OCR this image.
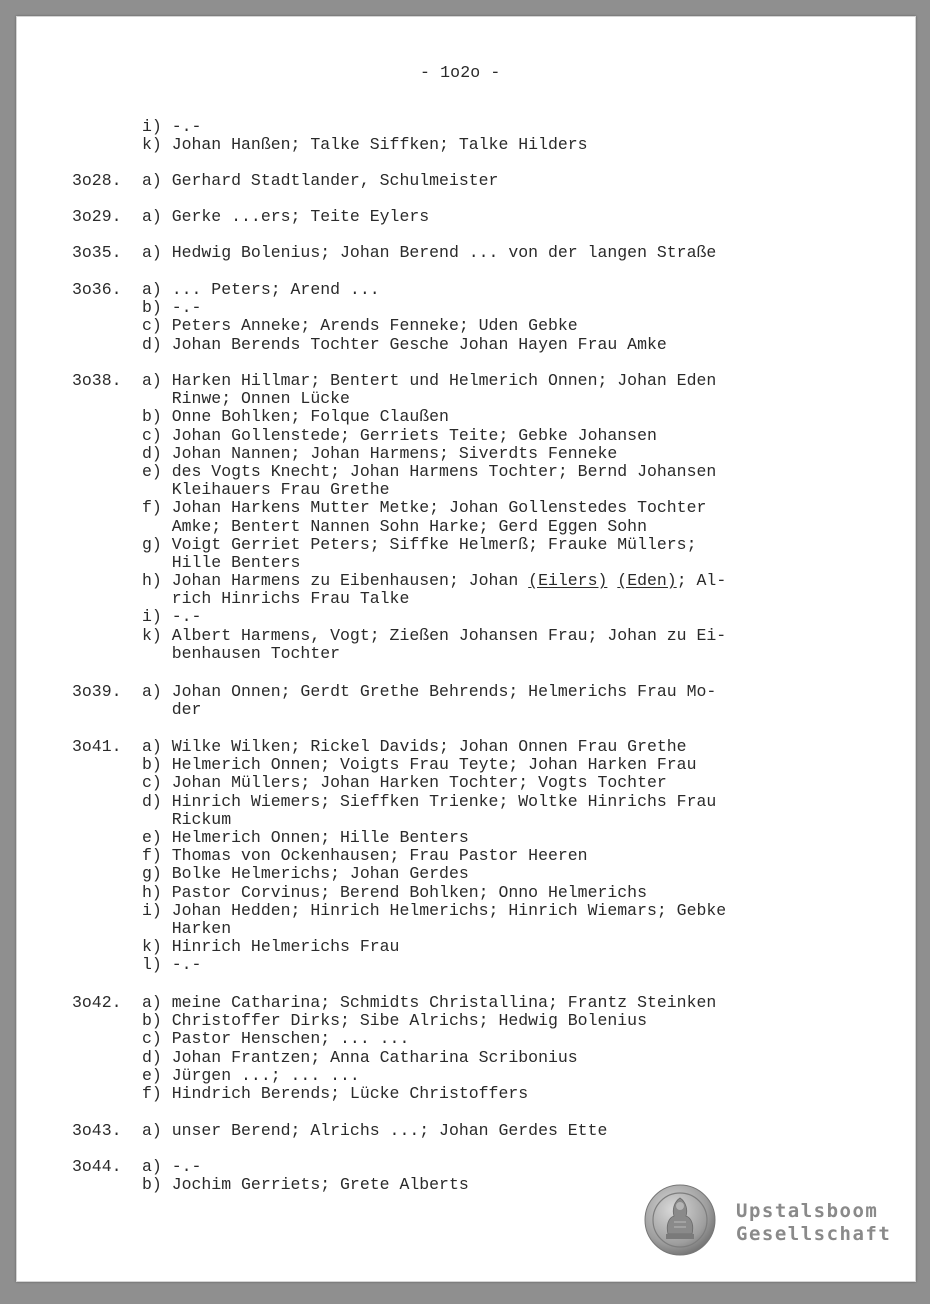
- 1o2o -
i) -.-
k) Johan Hanßen; Talke Siffken; Talke Hilders
3o28.	a) Gerhard Stadtlander, Schulmeister
3o29.	a) Gerke ...ers; Teite Eylers
3o35.	a) Hedwig Bolenius; Johan Berend ... von der langen Straße
3o36.	a) ... Peters; Arend ...
b) -.-
c) Peters Anneke; Arends Fenneke; Uden Gebke
d) Johan Berends Tochter Gesche Johan Hayen Frau Amke
3o38.	a) Harken Hillmar; Bentert und Helmerich Onnen; Johan Eden
Rinwe; Onnen Lücke
b) Onne Bohlken; Folque Claußen
c) Johan Gollenstede; Gerriets Teite; Gebke Johansen
d) Johan Nannen; Johan Harmens; Siverdts Fenneke
e) des Vogts Knecht; Johan Harmens Tochter; Bernd Johansen
Kleihauers Frau Grethe
f) Johan Harkens Mutter Metke; Johan Gollenstedes Tochter
Amke; Bentert Nannen Sohn Harke; Gerd Eggen Sohn
g) Voigt Gerriet Peters; Siffke Helmerß; Frauke Müllers;
Hille Benters
h) Johan Harmens zu Eibenhausen; Johan (Eilers) (Eden); Al-
rich Hinrichs Frau Talke
i) -.-
k) Albert Harmens, Vogt; Zießen Johansen Frau; Johan zu Ei-
benhausen Tochter
3o39.	a) Johan Onnen; Gerdt Grethe Behrends; Helmerichs Frau Mo-
der
3o41.	a) Wilke Wilken; Rickel Davids; Johan Onnen Frau Grethe
b) Helmerich Onnen; Voigts Frau Teyte; Johan Harken Frau
c) Johan Müllers; Johan Harken Tochter; Vogts Tochter
d) Hinrich Wiemers; Sieffken Trienke; Woltke Hinrichs Frau
Rickum
e) Helmerich Onnen; Hille Benters
f) Thomas von Ockenhausen; Frau Pastor Heeren
g) Bolke Helmerichs; Johan Gerdes
h) Pastor Corvinus; Berend Bohlken; Onno Helmerichs
i) Johan Hedden; Hinrich Helmerichs; Hinrich Wiemars; Gebke
Harken
k) Hinrich Helmerichs Frau
l) -.-
3o42.	a) meine Catharina; Schmidts Christallina; Frantz Steinken
b) Christoffer Dirks; Sibe Alrichs; Hedwig Bolenius
c) Pastor Henschen; ... ...
d) Johan Frantzen; Anna Catharina Scribonius
e) Jürgen ...; ... ...
f) Hindrich Berends; Lücke Christoffers
3o43.	a) unser Berend; Alrichs ...; Johan Gerdes Ette
3o44.	a) -.-
b) Jochim Gerriets; Grete Alberts
Upstalsboom
Gesellschaft
